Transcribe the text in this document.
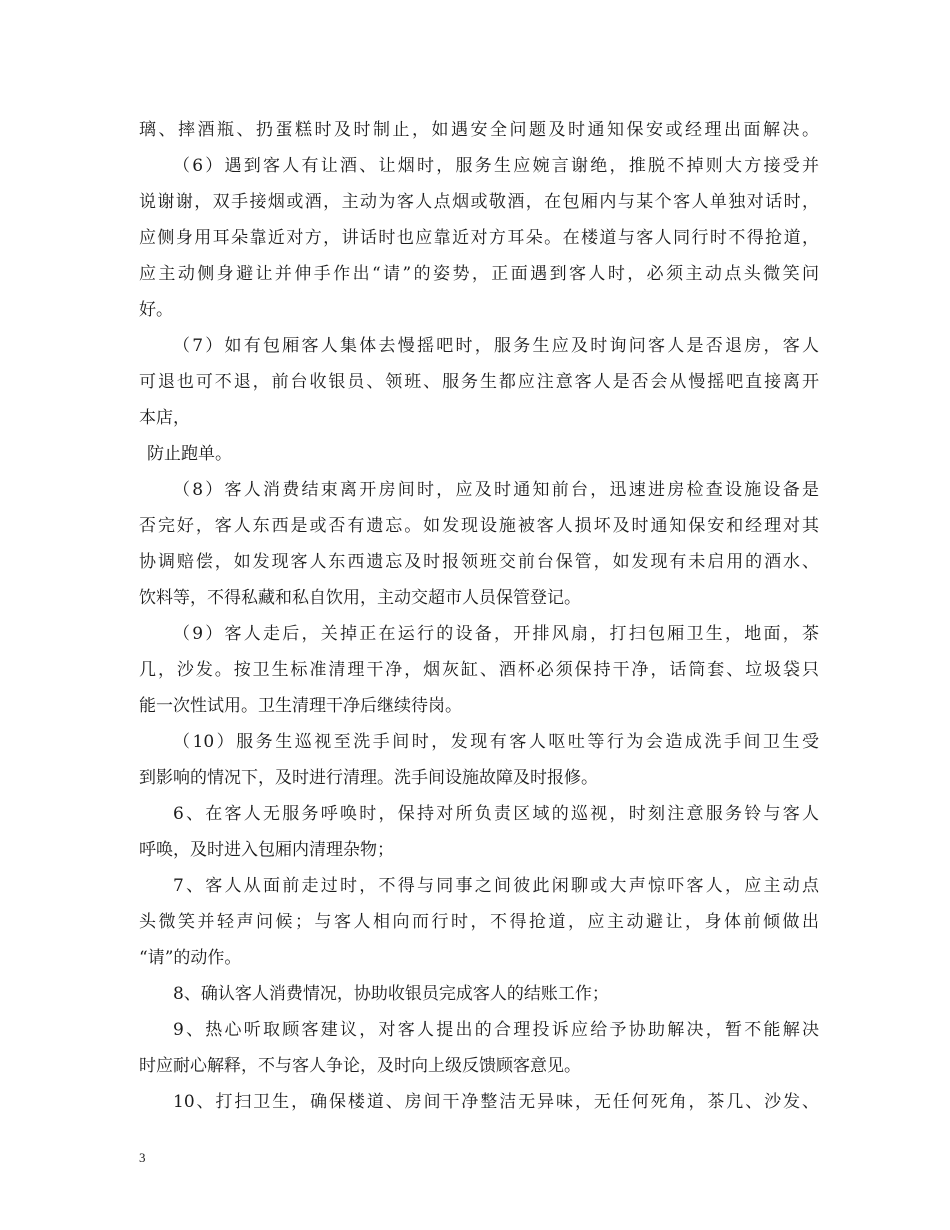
璃、摔酒瓶、扔蛋糕时及时制止，如遇安全问题及时通知保安或经理出面解决。
（6）遇到客人有让酒、让烟时，服务生应婉言谢绝，推脱不掉则大方接受并
说谢谢，双手接烟或酒，主动为客人点烟或敬酒，在包厢内与某个客人单独对话时，
应侧身用耳朵靠近对方，讲话时也应靠近对方耳朵。在楼道与客人同行时不得抢道，
应主动侧身避让并伸手作出“请”的姿势，正面遇到客人时，必须主动点头微笑问
好。
（7）如有包厢客人集体去慢摇吧时，服务生应及时询问客人是否退房，客人
可退也可不退，前台收银员、领班、服务生都应注意客人是否会从慢摇吧直接离开
本店，
防止跑单。
（8）客人消费结束离开房间时，应及时通知前台，迅速进房检查设施设备是
否完好，客人东西是或否有遗忘。如发现设施被客人损坏及时通知保安和经理对其
协调赔偿，如发现客人东西遗忘及时报领班交前台保管，如发现有未启用的酒水、
饮料等，不得私藏和私自饮用，主动交超市人员保管登记。
（9）客人走后，关掉正在运行的设备，开排风扇，打扫包厢卫生，地面，茶
几，沙发。按卫生标准清理干净，烟灰缸、酒杯必须保持干净，话筒套、垃圾袋只
能一次性试用。卫生清理干净后继续待岗。
（10）服务生巡视至洗手间时，发现有客人呕吐等行为会造成洗手间卫生受
到影响的情况下，及时进行清理。洗手间设施故障及时报修。
6、在客人无服务呼唤时，保持对所负责区域的巡视，时刻注意服务铃与客人
呼唤，及时进入包厢内清理杂物；
7、客人从面前走过时，不得与同事之间彼此闲聊或大声惊吓客人，应主动点
头微笑并轻声问候；与客人相向而行时，不得抢道，应主动避让，身体前倾做出
“请”的动作。
8、确认客人消费情况，协助收银员完成客人的结账工作；
9、热心听取顾客建议，对客人提出的合理投诉应给予协助解决，暂不能解决
时应耐心解释，不与客人争论，及时向上级反馈顾客意见。
10、打扫卫生，确保楼道、房间干净整洁无异味，无任何死角，茶几、沙发、
3
